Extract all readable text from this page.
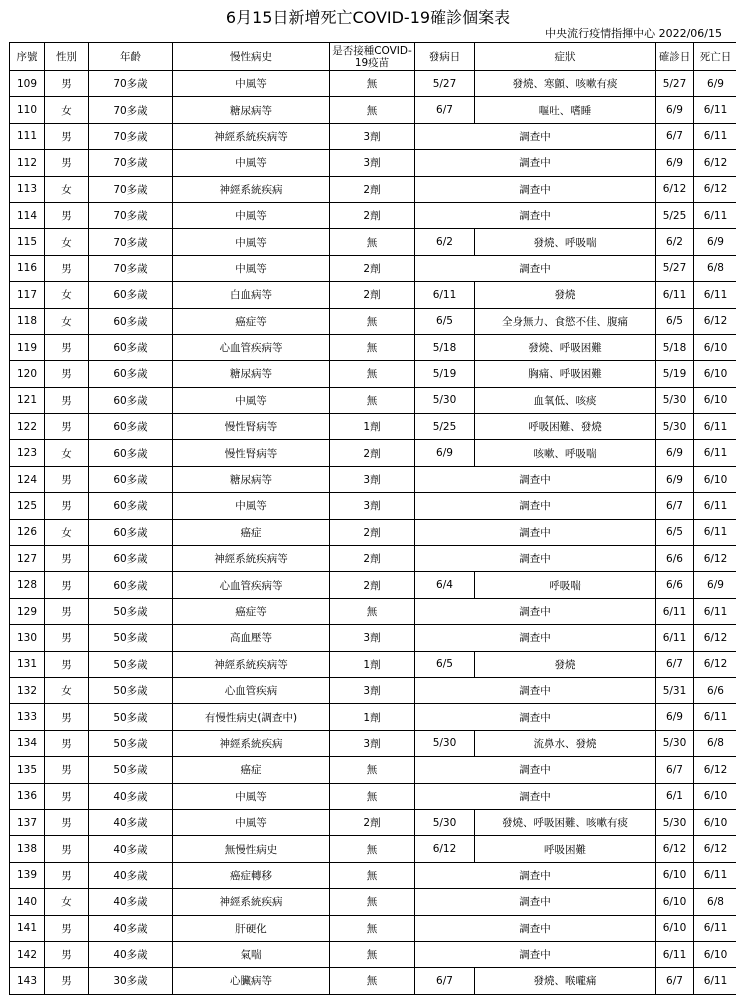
6月15日新增死亡COVID-19確診個案表
中央流行疫情指揮中心 2022/06/15
序號	性別	年齡	慢性病史	是否接種COVID-19疫苗	發病日	症狀	確診日	死亡日
109	男	70多歲	中風等	無	5/27	發燒、寒顫、咳嗽有痰	5/27	6/9
110	女	70多歲	糖尿病等	無	6/7	嘔吐、嗜睡	6/9	6/11
111	男	70多歲	神經系統疾病等	3劑	調查中		6/7	6/11
112	男	70多歲	中風等	3劑	調查中		6/9	6/12
113	女	70多歲	神經系統疾病	2劑	調查中		6/12	6/12
114	男	70多歲	中風等	2劑	調查中		5/25	6/11
115	女	70多歲	中風等	無	6/2	發燒、呼吸喘	6/2	6/9
116	男	70多歲	中風等	2劑	調查中		5/27	6/8
117	女	60多歲	白血病等	2劑	6/11	發燒	6/11	6/11
118	女	60多歲	癌症等	無	6/5	全身無力、食慾不佳、腹痛	6/5	6/12
119	男	60多歲	心血管疾病等	無	5/18	發燒、呼吸困難	5/18	6/10
120	男	60多歲	糖尿病等	無	5/19	胸痛、呼吸困難	5/19	6/10
121	男	60多歲	中風等	無	5/30	血氧低、咳痰	5/30	6/10
122	男	60多歲	慢性腎病等	1劑	5/25	呼吸困難、發燒	5/30	6/11
123	女	60多歲	慢性腎病等	2劑	6/9	咳嗽、呼吸喘	6/9	6/11
124	男	60多歲	糖尿病等	3劑	調查中		6/9	6/10
125	男	60多歲	中風等	3劑	調查中		6/7	6/11
126	女	60多歲	癌症	2劑	調查中		6/5	6/11
127	男	60多歲	神經系統疾病等	2劑	調查中		6/6	6/12
128	男	60多歲	心血管疾病等	2劑	6/4	呼吸喘	6/6	6/9
129	男	50多歲	癌症等	無	調查中		6/11	6/11
130	男	50多歲	高血壓等	3劑	調查中		6/11	6/12
131	男	50多歲	神經系統疾病等	1劑	6/5	發燒	6/7	6/12
132	女	50多歲	心血管疾病	3劑	調查中		5/31	6/6
133	男	50多歲	有慢性病史(調查中)	1劑	調查中		6/9	6/11
134	男	50多歲	神經系統疾病	3劑	5/30	流鼻水、發燒	5/30	6/8
135	男	50多歲	癌症	無	調查中		6/7	6/12
136	男	40多歲	中風等	無	調查中		6/1	6/10
137	男	40多歲	中風等	2劑	5/30	發燒、呼吸困難、咳嗽有痰	5/30	6/10
138	男	40多歲	無慢性病史	無	6/12	呼吸困難	6/12	6/12
139	男	40多歲	癌症轉移	無	調查中		6/10	6/11
140	女	40多歲	神經系統疾病	無	調查中		6/10	6/8
141	男	40多歲	肝硬化	無	調查中		6/10	6/11
142	男	40多歲	氣喘	無	調查中		6/11	6/10
143	男	30多歲	心臟病等	無	6/7	發燒、喉嚨痛	6/7	6/11
